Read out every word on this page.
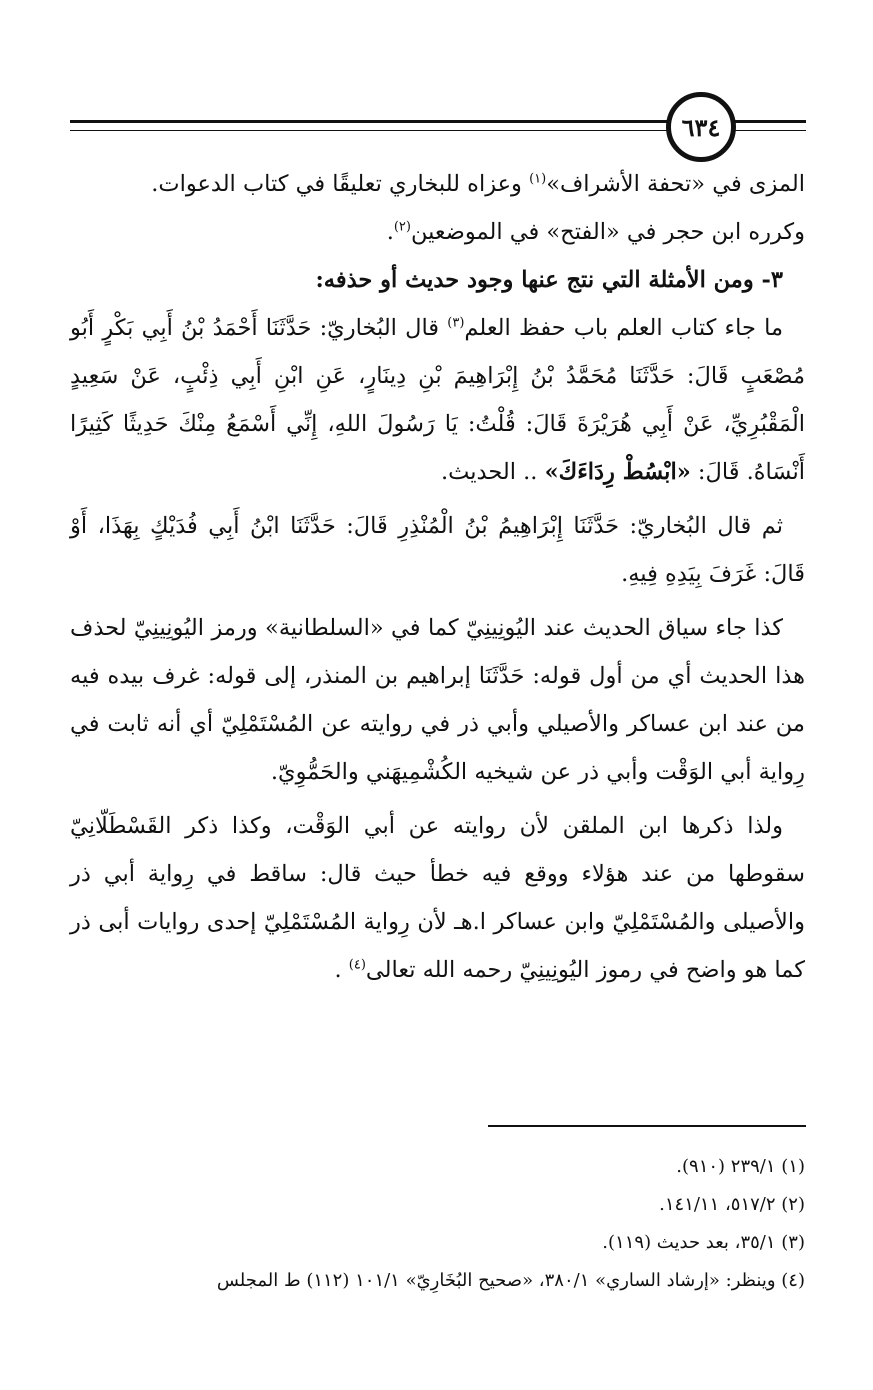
٦٣٤

المزى في «تحفة الأشراف»$^{(١)}$ وعزاه للبخاري تعليقًا في كتاب الدعوات.

وكرره ابن حجر في «الفتح» في الموضعين$^{(٢)}$.

٣- ومن الأمثلة التي نتج عنها وجود حديث أو حذفه:

ما جاء كتاب العلم باب حفظ العلم$^{(٣)}$ قال البُخاريّ: حَدَّثَنَا أَحْمَدُ بْنُ أَبِي بَكْرٍ أَبُو مُصْعَبٍ قَالَ: حَدَّثَنَا مُحَمَّدُ بْنُ إِبْرَاهِيمَ بْنِ دِينَارٍ، عَنِ ابْنِ أَبِي ذِئْبٍ، عَنْ سَعِيدٍ الْمَقْبُرِيِّ، عَنْ أَبِي هُرَيْرَةَ قَالَ: قُلْتُ: يَا رَسُولَ اللهِ، إِنِّي أَسْمَعُ مِنْكَ حَدِيثًا كَثِيرًا أَنْسَاهُ. قَالَ: «ابْسُطْ رِدَاءَكَ» .. الحديث.

ثم قال البُخاريّ: حَدَّثَنَا إِبْرَاهِيمُ بْنُ الْمُنْذِرِ قَالَ: حَدَّثَنَا ابْنُ أَبِي فُدَيْكٍ بِهَذَا، أَوْ قَالَ: غَرَفَ بِيَدِهِ فِيهِ.

كذا جاء سياق الحديث عند اليُونِينِيّ كما في «السلطانية» ورمز اليُونِينِيّ لحذف هذا الحديث أي من أول قوله: حَدَّثَنَا إبراهيم بن المنذر، إلى قوله: غرف بيده فيه من عند ابن عساكر والأصيلي وأبي ذر في روايته عن المُسْتَمْلِيّ أي أنه ثابت في رِواية أبي الوَقْت وأبي ذر عن شيخيه الكُشْمِيهَني والحَمُّوِيّ.

ولذا ذكرها ابن الملقن لأن روايته عن أبي الوَقْت، وكذا ذكر القَسْطَلّانِيّ سقوطها من عند هؤلاء ووقع فيه خطأ حيث قال: ساقط في رِواية أبي ذر والأصيلى والمُسْتَمْلِيّ وابن عساكر ا.هـ لأن رِواية المُسْتَمْلِيّ إحدى روايات أبى ذر كما هو واضح في رموز اليُونِينِيّ رحمه الله تعالى$^{(٤)}$ .

(١) ٢٣٩/١ (٩١٠).

(٢) ٥١٧/٢، ١٤١/١١.

(٣) ٣٥/١، بعد حديث (١١٩).

(٤) وينظر: «إرشاد الساري» ٣٨٠/١، «صحيح البُخَارِيّ» ١٠١/١ (١١٢) ط المجلس
